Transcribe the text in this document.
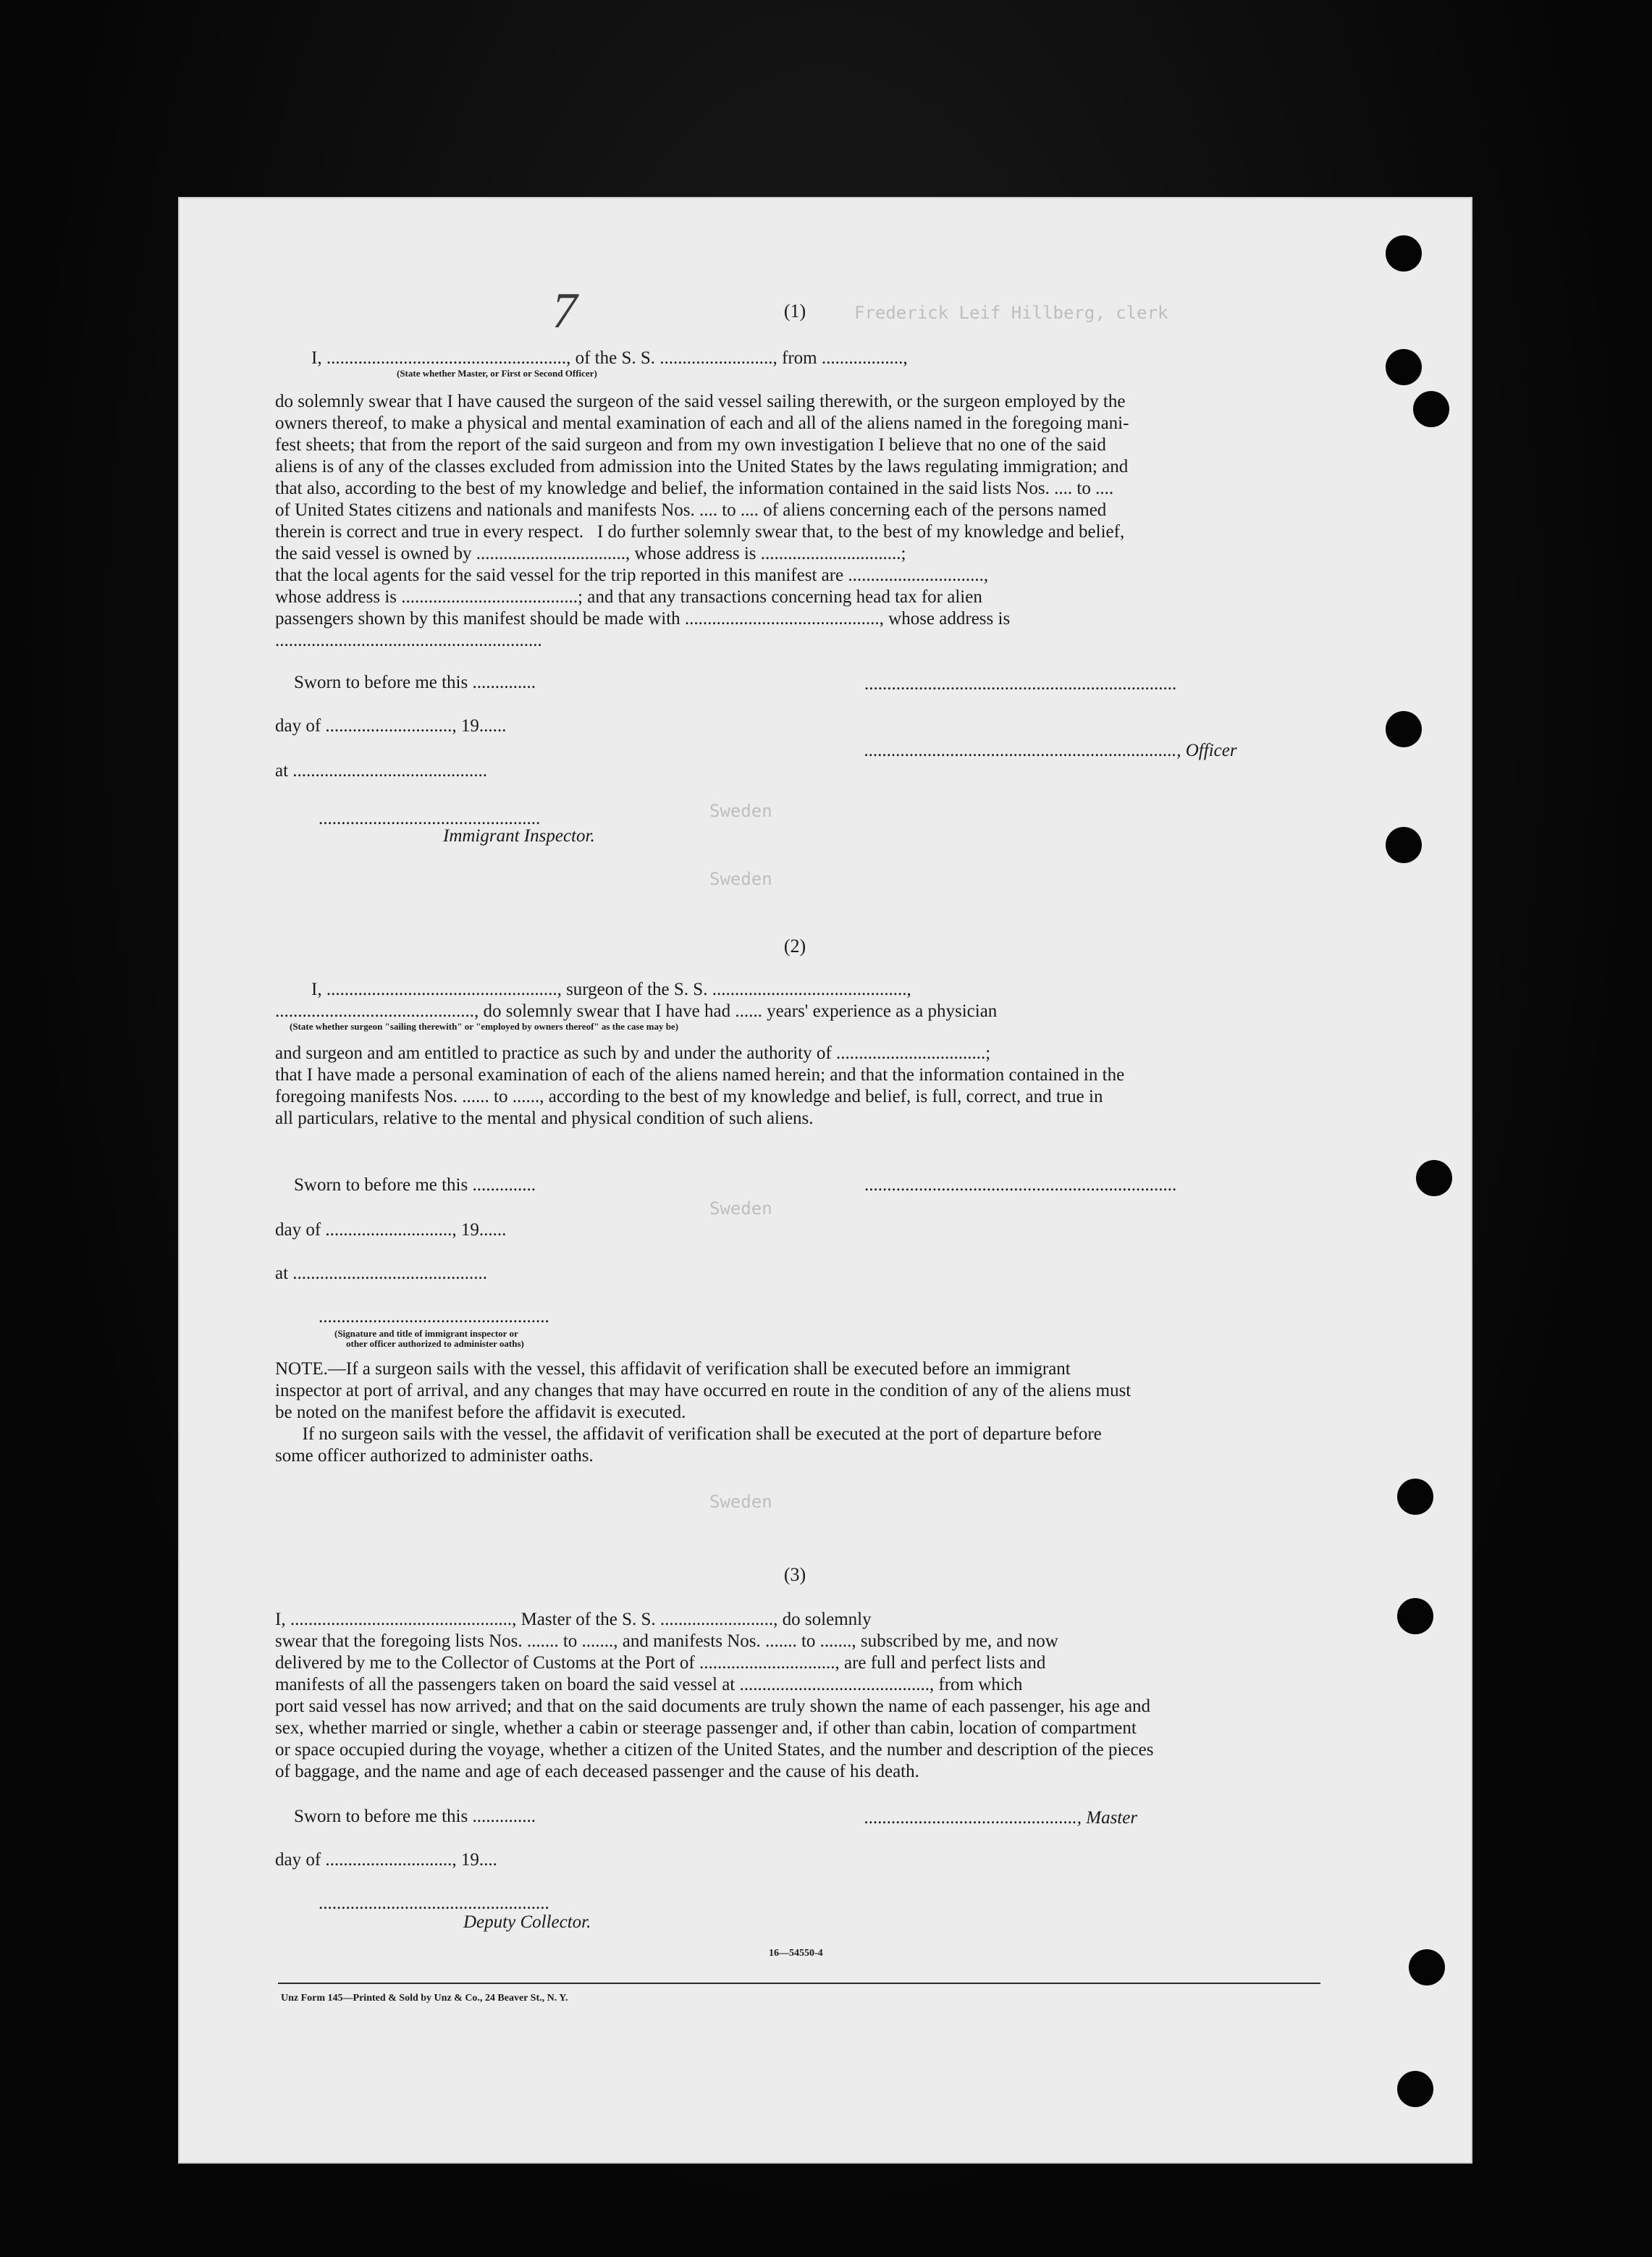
Frederick Leif Hillberg, clerk
Sweden
Sweden
Sweden
Sweden
7	(1)
I, ....................................................., of the S. S. ........................., from ..................,
(State whether Master, or First or Second Officer)
do solemnly swear that I have caused the surgeon of the said vessel sailing therewith, or the surgeon employed by the
owners thereof, to make a physical and mental examination of each and all of the aliens named in the foregoing mani-
fest sheets; that from the report of the said surgeon and from my own investigation I believe that no one of the said
aliens is of any of the classes excluded from admission into the United States by the laws regulating immigration; and
that also, according to the best of my knowledge and belief, the information contained in the said lists Nos. .... to ....
of United States citizens and nationals and manifests Nos. .... to .... of aliens concerning each of the persons named
therein is correct and true in every respect.   I do further solemnly swear that, to the best of my knowledge and belief,
the said vessel is owned by ................................., whose address is ...............................;
that the local agents for the said vessel for the trip reported in this manifest are ..............................,
whose address is .......................................; and that any transactions concerning head tax for alien
passengers shown by this manifest should be made with ..........................................., whose address is
...........................................................
Sworn to before me this ..............	.....................................................................
day of ............................, 19......
....................................................................., Officer
at ...........................................
.................................................
Immigrant Inspector.
(2)
I, ..................................................., surgeon of the S. S. ...........................................,
............................................, do solemnly swear that I have had ...... years' experience as a physician
(State whether surgeon "sailing therewith" or "employed by owners thereof" as the case may be)
and surgeon and am entitled to practice as such by and under the authority of .................................;
that I have made a personal examination of each of the aliens named herein; and that the information contained in the
foregoing manifests Nos. ...... to ......, according to the best of my knowledge and belief, is full, correct, and true in
all particulars, relative to the mental and physical condition of such aliens.
Sworn to before me this ..............	.....................................................................
day of ............................, 19......
at ...........................................
...................................................
(Signature and title of immigrant inspector or
other officer authorized to administer oaths)
NOTE.—If a surgeon sails with the vessel, this affidavit of verification shall be executed before an immigrant
inspector at port of arrival, and any changes that may have occurred en route in the condition of any of the aliens must
be noted on the manifest before the affidavit is executed.
If no surgeon sails with the vessel, the affidavit of verification shall be executed at the port of departure before
some officer authorized to administer oaths.
(3)
I, ................................................., Master of the S. S. ........................., do solemnly
swear that the foregoing lists Nos. ....... to ......., and manifests Nos. ....... to ......., subscribed by me, and now
delivered by me to the Collector of Customs at the Port of .............................., are full and perfect lists and
manifests of all the passengers taken on board the said vessel at .........................................., from which
port said vessel has now arrived; and that on the said documents are truly shown the name of each passenger, his age and
sex, whether married or single, whether a cabin or steerage passenger and, if other than cabin, location of compartment
or space occupied during the voyage, whether a citizen of the United States, and the number and description of the pieces
of baggage, and the name and age of each deceased passenger and the cause of his death.
Sworn to before me this ..............	..............................................., Master
day of ............................, 19....
...................................................
Deputy Collector.
16—54550-4
Unz Form 145—Printed & Sold by Unz & Co., 24 Beaver St., N. Y.
